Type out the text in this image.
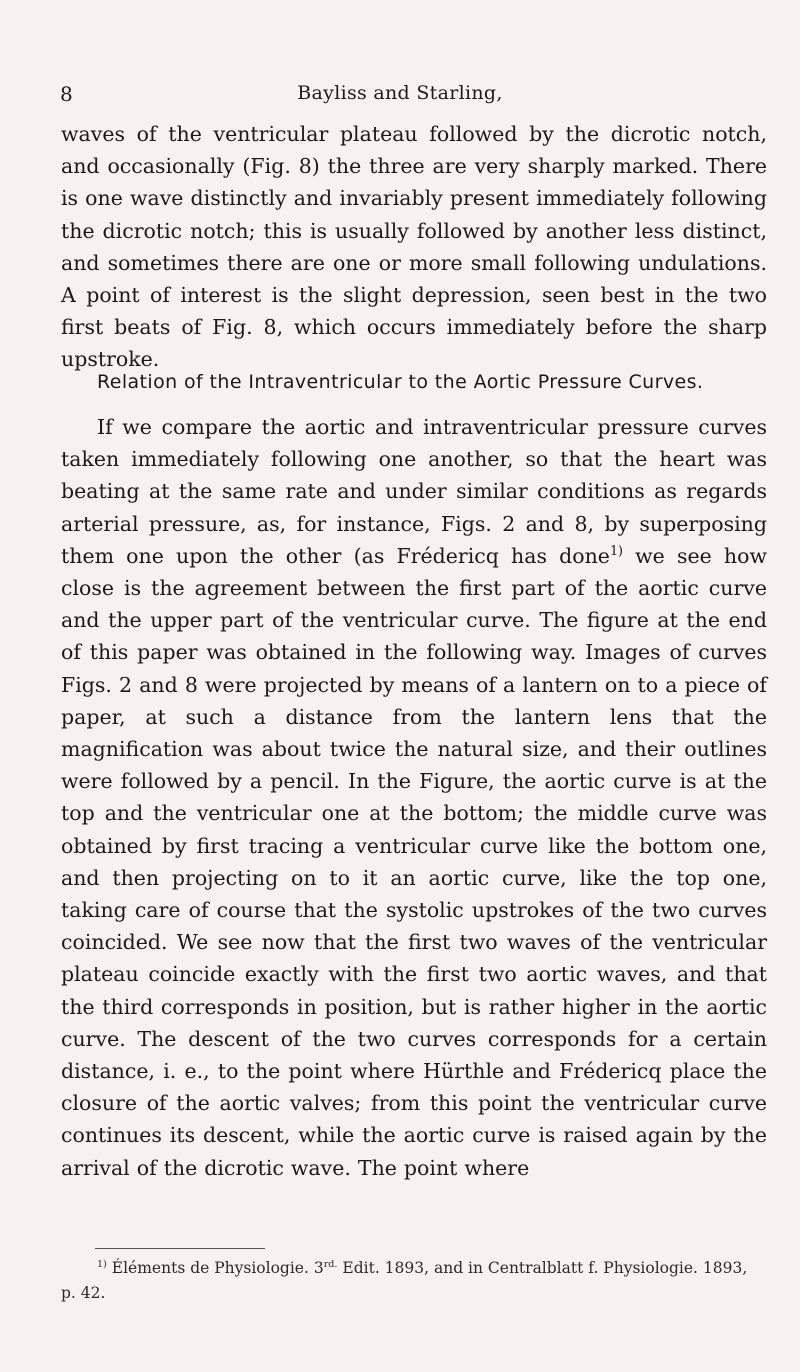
8	Bayliss and Starling,
waves of the ventricular plateau followed by the dicrotic notch, and occasionally (Fig. 8) the three are very sharply marked. There is one wave distinctly and invariably present immediately following the dicrotic notch; this is usually followed by another less distinct, and sometimes there are one or more small following undulations. A point of interest is the slight depression, seen best in the two first beats of Fig. 8, which occurs immediately before the sharp upstroke.
Relation of the Intraventricular to the Aortic Pressure Curves.
If we compare the aortic and intraventricular pressure curves taken immediately following one another, so that the heart was beating at the same rate and under similar conditions as regards arterial pressure, as, for instance, Figs. 2 and 8, by superposing them one upon the other (as Frédericq has done$^{1)}$ we see how close is the agreement between the first part of the aortic curve and the upper part of the ventricular curve. The figure at the end of this paper was obtained in the following way. Images of curves Figs. 2 and 8 were projected by means of a lantern on to a piece of paper, at such a distance from the lantern lens that the magnification was about twice the natural size, and their outlines were followed by a pencil. In the Figure, the aortic curve is at the top and the ventricular one at the bottom; the middle curve was obtained by first tracing a ventricular curve like the bottom one, and then projecting on to it an aortic curve, like the top one, taking care of course that the systolic upstrokes of the two curves coincided. We see now that the first two waves of the ventricular plateau coincide exactly with the first two aortic waves, and that the third corresponds in position, but is rather higher in the aortic curve. The descent of the two curves corresponds for a certain distance, i. e., to the point where Hürthle and Frédericq place the closure of the aortic valves; from this point the ventricular curve continues its descent, while the aortic curve is raised again by the arrival of the dicrotic wave. The point where
$^{1)}$ Éléments de Physiologie. $3^{rd.}$ Edit. 1893, and in Centralblatt f. Physiologie. 1893, p. 42.
